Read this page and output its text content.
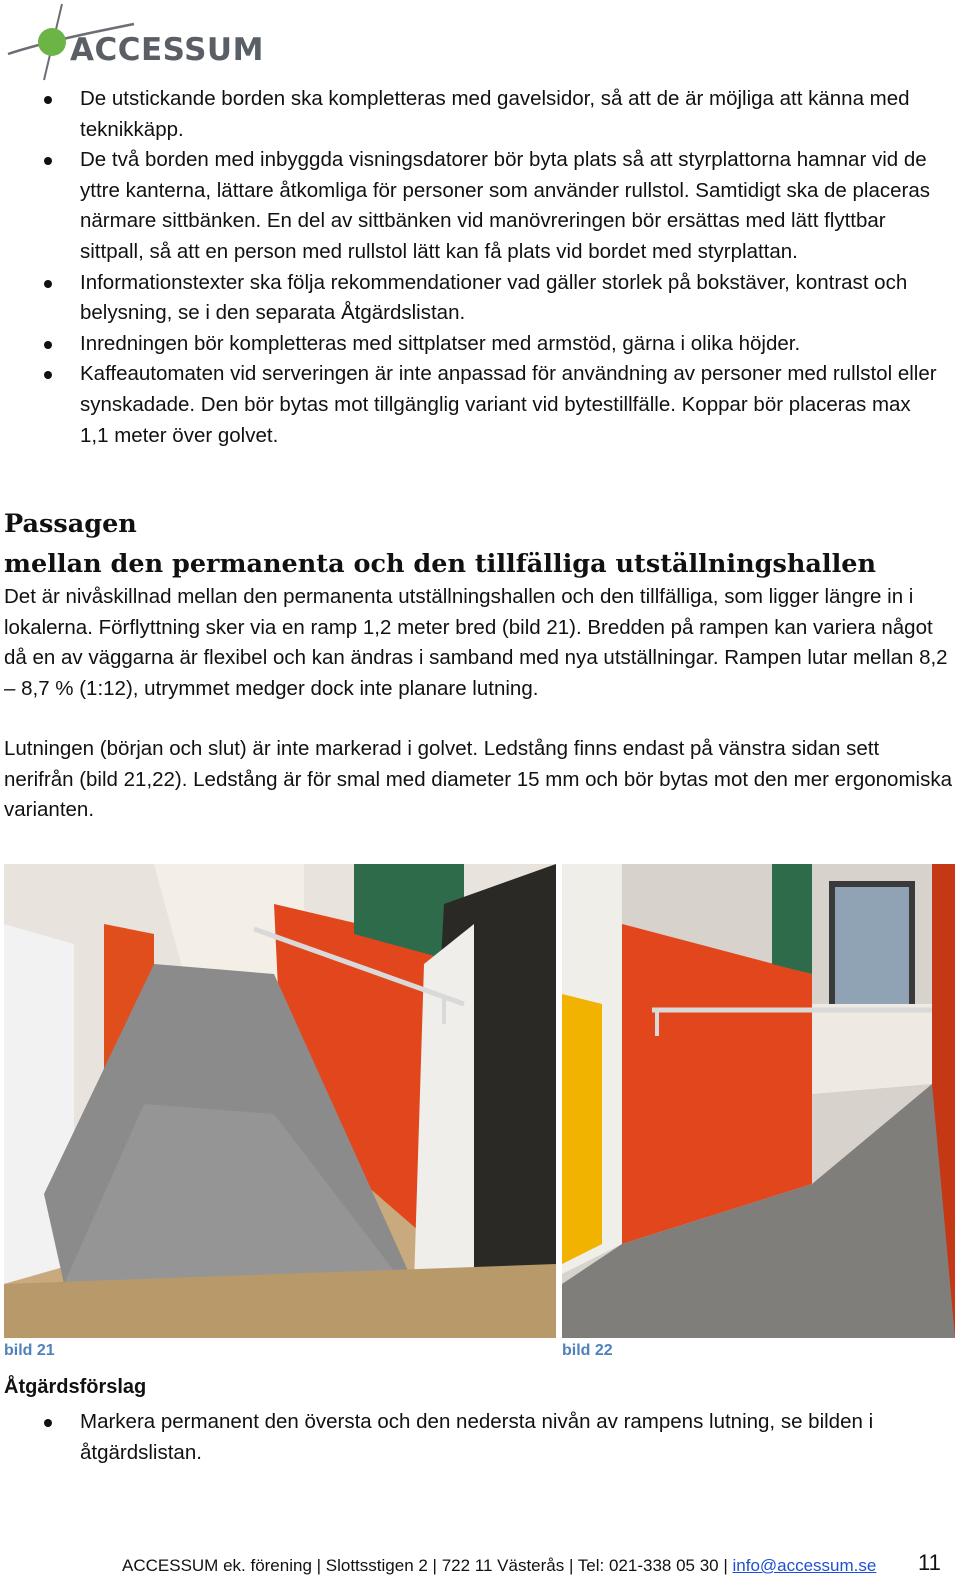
ACCESSUM
De utstickande borden ska kompletteras med gavelsidor, så att de är möjliga att känna med teknikkäpp.
De två borden med inbyggda visningsdatorer bör byta plats så att styrplattorna hamnar vid de yttre kanterna, lättare åtkomliga för personer som använder rullstol. Samtidigt ska de placeras närmare sittbänken. En del av sittbänken vid manövreringen bör ersättas med lätt flyttbar sittpall, så att en person med rullstol lätt kan få plats vid bordet med styrplattan.
Informationstexter ska följa rekommendationer vad gäller storlek på bokstäver, kontrast och belysning, se i den separata Åtgärdslistan.
Inredningen bör kompletteras med sittplatser med armstöd, gärna i olika höjder.
Kaffeautomaten vid serveringen är inte anpassad för användning av personer med rullstol eller synskadade. Den bör bytas mot tillgänglig variant vid bytestillfälle. Koppar bör placeras max 1,1 meter över golvet.
Passagen
mellan den permanenta och den tillfälliga utställningshallen

Det är nivåskillnad mellan den permanenta utställningshallen och den tillfälliga, som ligger längre in i lokalerna. Förflyttning sker via en ramp 1,2 meter bred (bild 21). Bredden på rampen kan variera något då en av väggarna är flexibel och kan ändras i samband med nya utställningar. Rampen lutar mellan 8,2 – 8,7 % (1:12), utrymmet medger dock inte planare lutning.

Lutningen (början och slut) är inte markerad i golvet. Ledstång finns endast på vänstra sidan sett nerifrån (bild 21,22). Ledstång är för smal med diameter 15 mm och bör bytas mot den mer ergonomiska varianten.

bild 21	bild 22
Åtgärdsförslag
Markera permanent den översta och den nedersta nivån av rampens lutning, se bilden i åtgärdslistan.
ACCESSUM ek. förening | Slottsstigen 2 | 722 11 Västerås | Tel: 021-338 05 30 | info@accessum.se 11
